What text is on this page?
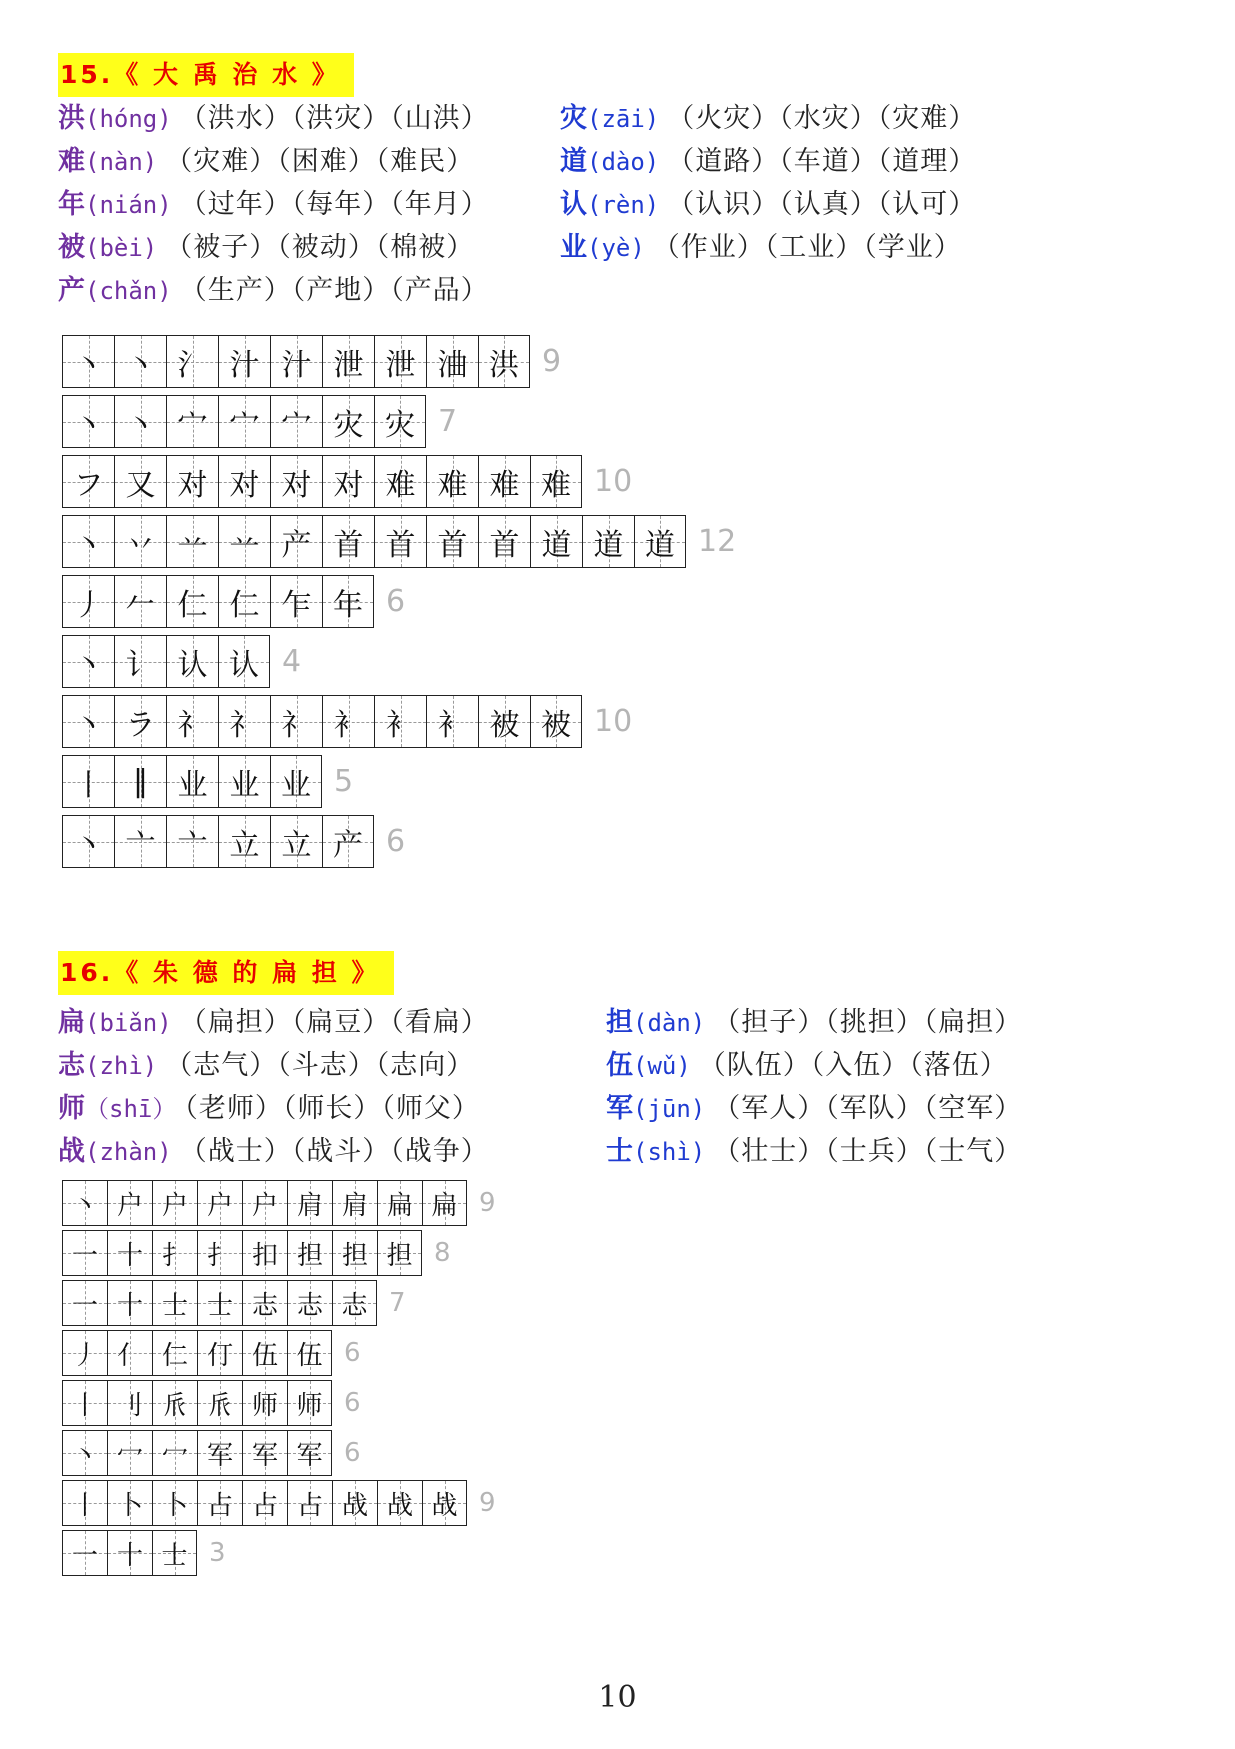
15.《 大 禹 治 水 》
洪(hóng) （洪水）（洪灾）（山洪）
难(nàn) （灾难）（困难）（难民）
年(nián) （过年）（每年）（年月）
被(bèi) （被子）（被动）（棉被）
产(chǎn) （生产）（产地）（产品）
灾(zāi) （火灾）（水灾）（灾难）
道(dào) （道路）（车道）（道理）
认(rèn) （认识）（认真）（认可）
业(yè) （作业）（工业）（学业）
16.《 朱 德 的 扁 担 》
扁(biǎn) （扁担）（扁豆）（看扁）
志(zhì) （志气）（斗志）（志向）
师（shī） （老师）（师长）（师父）
战(zhàn) （战士）（战斗）（战争）
担(dàn) （担子）（挑担）（扁担）
伍(wǔ) （队伍）（入伍）（落伍）
军(jūn) （军人）（军队）（空军）
士(shì) （壮士）（士兵）（士气）
10
丶 丶 氵 汁 汁 泄 泄 浀 洪 9
丶 丶 宀 宀 宀 灾 灾 7
フ 又 对 对 对 对 难 难 难 难 10
丶 丷 䒑 䒑 产 首 首 首 首 道 道 道 12
丿 𠂉 仁 仁 乍 年 6
丶 讠 认 认 4
丶 ラ 礻 礻 礻 衤 衤 衤 被 被 10
丨 ‖ 业 业 业 5
丶 亠 亠 立 立 产 6
丶 户 户 户 户 肩 肩 扁 扁 9
一 十 扌 扌 扣 担 担 担 8
一 十 士 士 志 志 志 7
丿 亻 仁 仃 伍 伍 6
丨 刂 𠂢 𠂢 师 师 6
丶 冖 冖 军 军 军 6
丨 卜 卜 占 占 占 战 战 战 9
一 十 士 3
